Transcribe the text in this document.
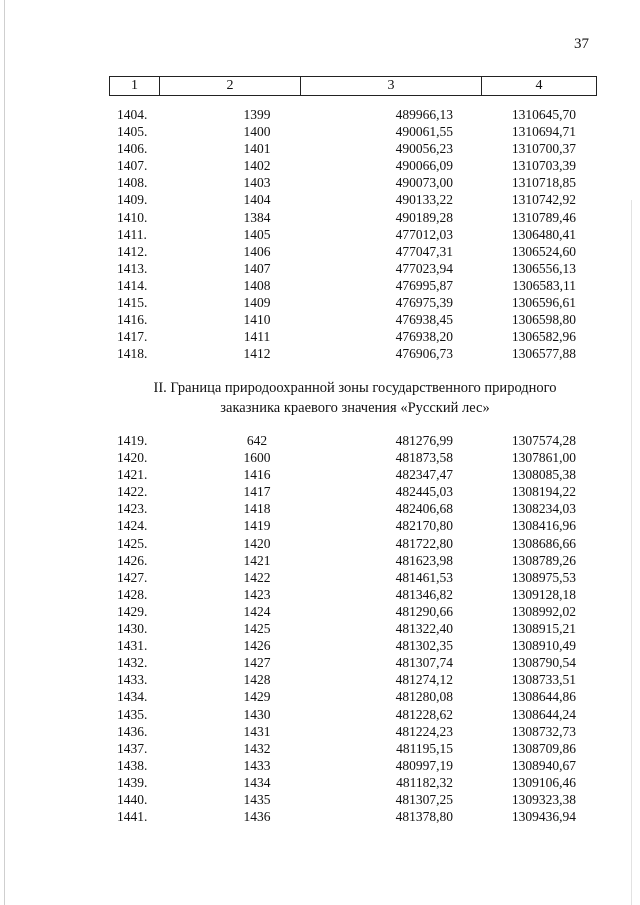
37
1	2	3	4
1404.	1399	489966,13	1310645,70
1405.	1400	490061,55	1310694,71
1406.	1401	490056,23	1310700,37
1407.	1402	490066,09	1310703,39
1408.	1403	490073,00	1310718,85
1409.	1404	490133,22	1310742,92
1410.	1384	490189,28	1310789,46
1411.	1405	477012,03	1306480,41
1412.	1406	477047,31	1306524,60
1413.	1407	477023,94	1306556,13
1414.	1408	476995,87	1306583,11
1415.	1409	476975,39	1306596,61
1416.	1410	476938,45	1306598,80
1417.	1411	476938,20	1306582,96
1418.	1412	476906,73	1306577,88
II. Граница природоохранной зоны государственного природного
заказника краевого значения «Русский лес»
1419.	642	481276,99	1307574,28
1420.	1600	481873,58	1307861,00
1421.	1416	482347,47	1308085,38
1422.	1417	482445,03	1308194,22
1423.	1418	482406,68	1308234,03
1424.	1419	482170,80	1308416,96
1425.	1420	481722,80	1308686,66
1426.	1421	481623,98	1308789,26
1427.	1422	481461,53	1308975,53
1428.	1423	481346,82	1309128,18
1429.	1424	481290,66	1308992,02
1430.	1425	481322,40	1308915,21
1431.	1426	481302,35	1308910,49
1432.	1427	481307,74	1308790,54
1433.	1428	481274,12	1308733,51
1434.	1429	481280,08	1308644,86
1435.	1430	481228,62	1308644,24
1436.	1431	481224,23	1308732,73
1437.	1432	481195,15	1308709,86
1438.	1433	480997,19	1308940,67
1439.	1434	481182,32	1309106,46
1440.	1435	481307,25	1309323,38
1441.	1436	481378,80	1309436,94
